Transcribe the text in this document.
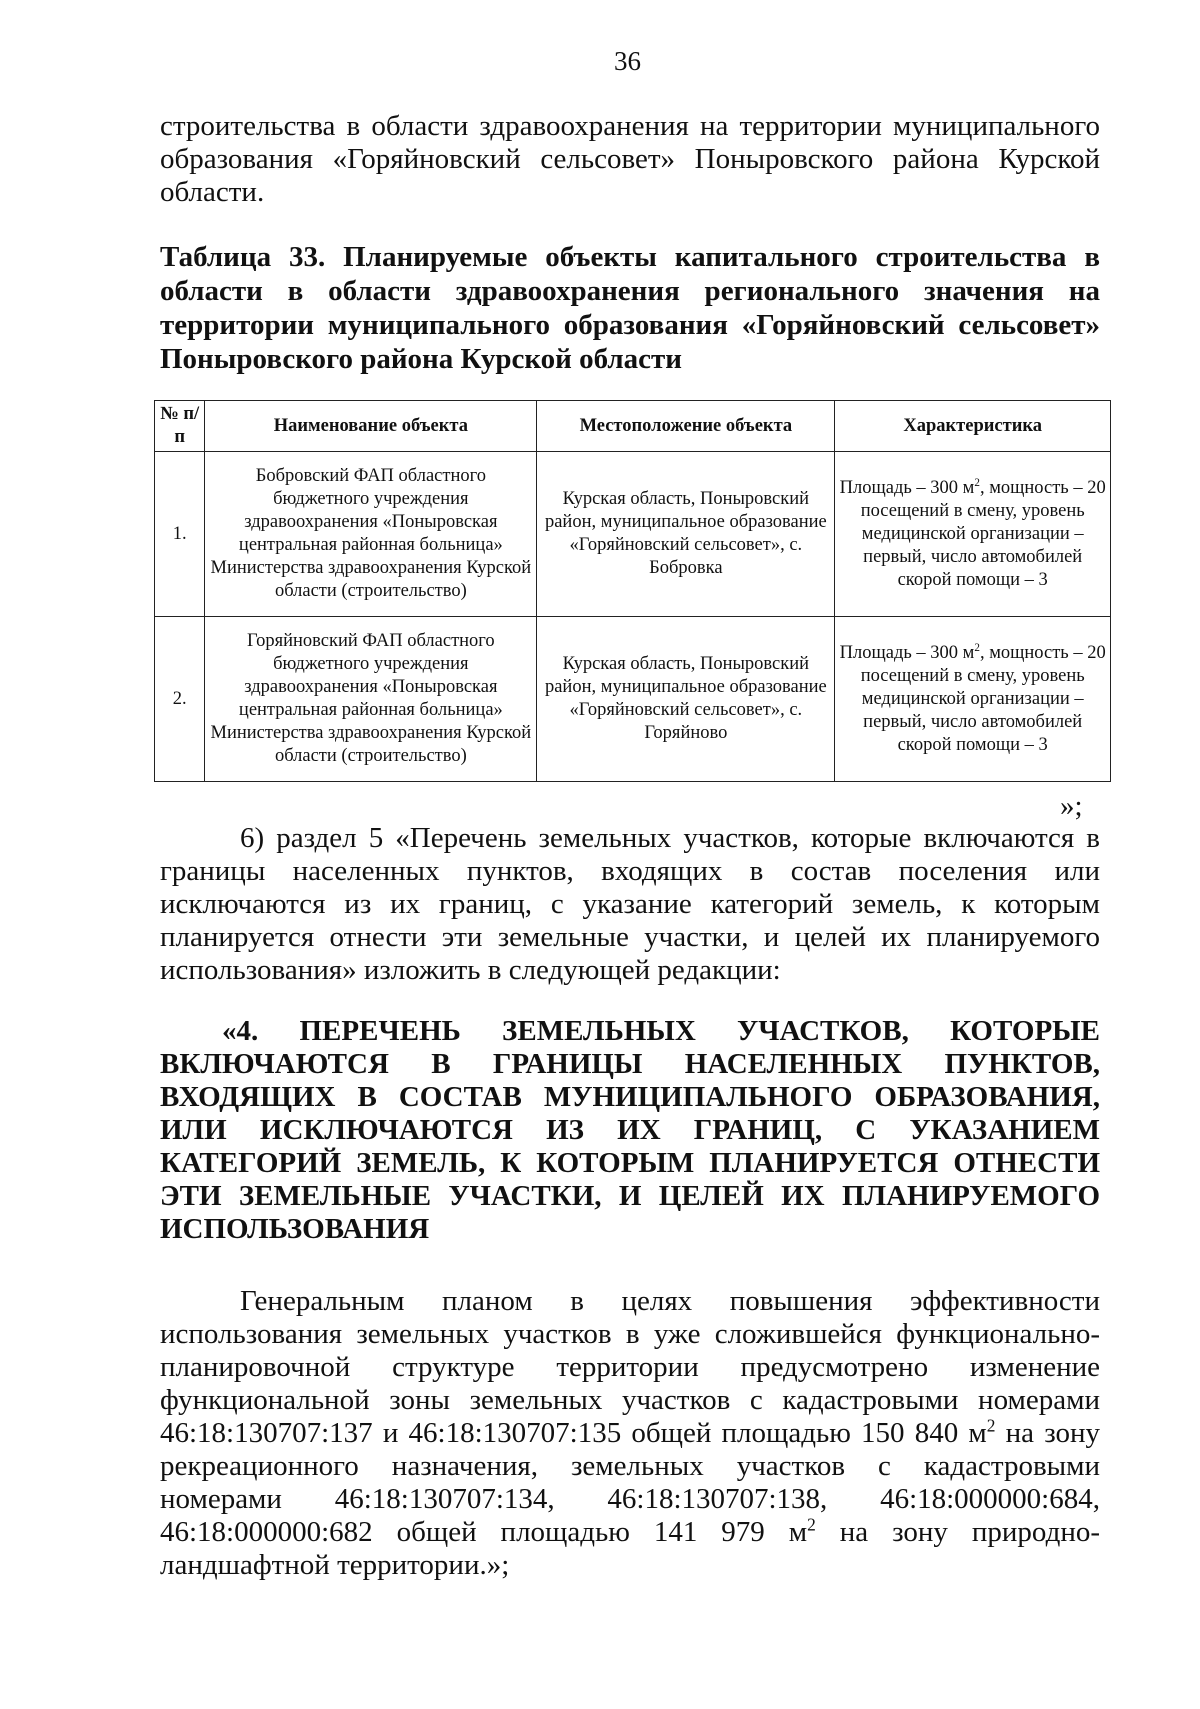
36

строительства в области здравоохранения на территории муниципального образования «Горяйновский сельсовет» Поныровского района Курской области.

Таблица 33. Планируемые объекты капитального строительства в области в области здравоохранения регионального значения на территории муниципального образования «Горяйновский сельсовет» Поныровского района Курской области

№ п/п	Наименование объекта	Местоположение объекта	Характеристика
1.	Бобровский ФАП областного бюджетного учреждения здравоохранения «Поныровская центральная районная больница» Министерства здравоохранения Курской области (строительство)	Курская область, Поныровский район, муниципальное образование «Горяйновский сельсовет», с. Бобровка	Площадь – 300 $м^2$, мощность – 20 посещений в смену, уровень медицинской организации – первый, число автомобилей скорой помощи – 3
2.	Горяйновский ФАП областного бюджетного учреждения здравоохранения «Поныровская центральная районная больница» Министерства здравоохранения Курской области (строительство)	Курская область, Поныровский район, муниципальное образование «Горяйновский сельсовет», с. Горяйново	Площадь – 300 $м^2$, мощность – 20 посещений в смену, уровень медицинской организации – первый, число автомобилей скорой помощи – 3
»;

6) раздел 5 «Перечень земельных участков, которые включаются в границы населенных пунктов, входящих в состав поселения или исключаются из их границ, с указание категорий земель, к которым планируется отнести эти земельные участки, и целей их планируемого использования» изложить в следующей редакции:

«4. ПЕРЕЧЕНЬ ЗЕМЕЛЬНЫХ УЧАСТКОВ, КОТОРЫЕ ВКЛЮЧАЮТСЯ В ГРАНИЦЫ НАСЕЛЕННЫХ ПУНКТОВ, ВХОДЯЩИХ В СОСТАВ МУНИЦИПАЛЬНОГО ОБРАЗОВАНИЯ, ИЛИ ИСКЛЮЧАЮТСЯ ИЗ ИХ ГРАНИЦ, С УКАЗАНИЕМ КАТЕГОРИЙ ЗЕМЕЛЬ, К КОТОРЫМ ПЛАНИРУЕТСЯ ОТНЕСТИ ЭТИ ЗЕМЕЛЬНЫЕ УЧАСТКИ, И ЦЕЛЕЙ ИХ ПЛАНИРУЕМОГО ИСПОЛЬЗОВАНИЯ

Генеральным планом в целях повышения эффективности использования земельных участков в уже сложившейся функционально-планировочной структуре территории предусмотрено изменение функциональной зоны земельных участков с кадастровыми номерами 46:18:130707:137 и 46:18:130707:135 общей площадью 150 840 $м^2$ на зону рекреационного назначения, земельных участков с кадастровыми номерами 46:18:130707:134, 46:18:130707:138, 46:18:000000:684, 46:18:000000:682 общей площадью 141 979 $м^2$ на зону природно-ландшафтной территории.»;
